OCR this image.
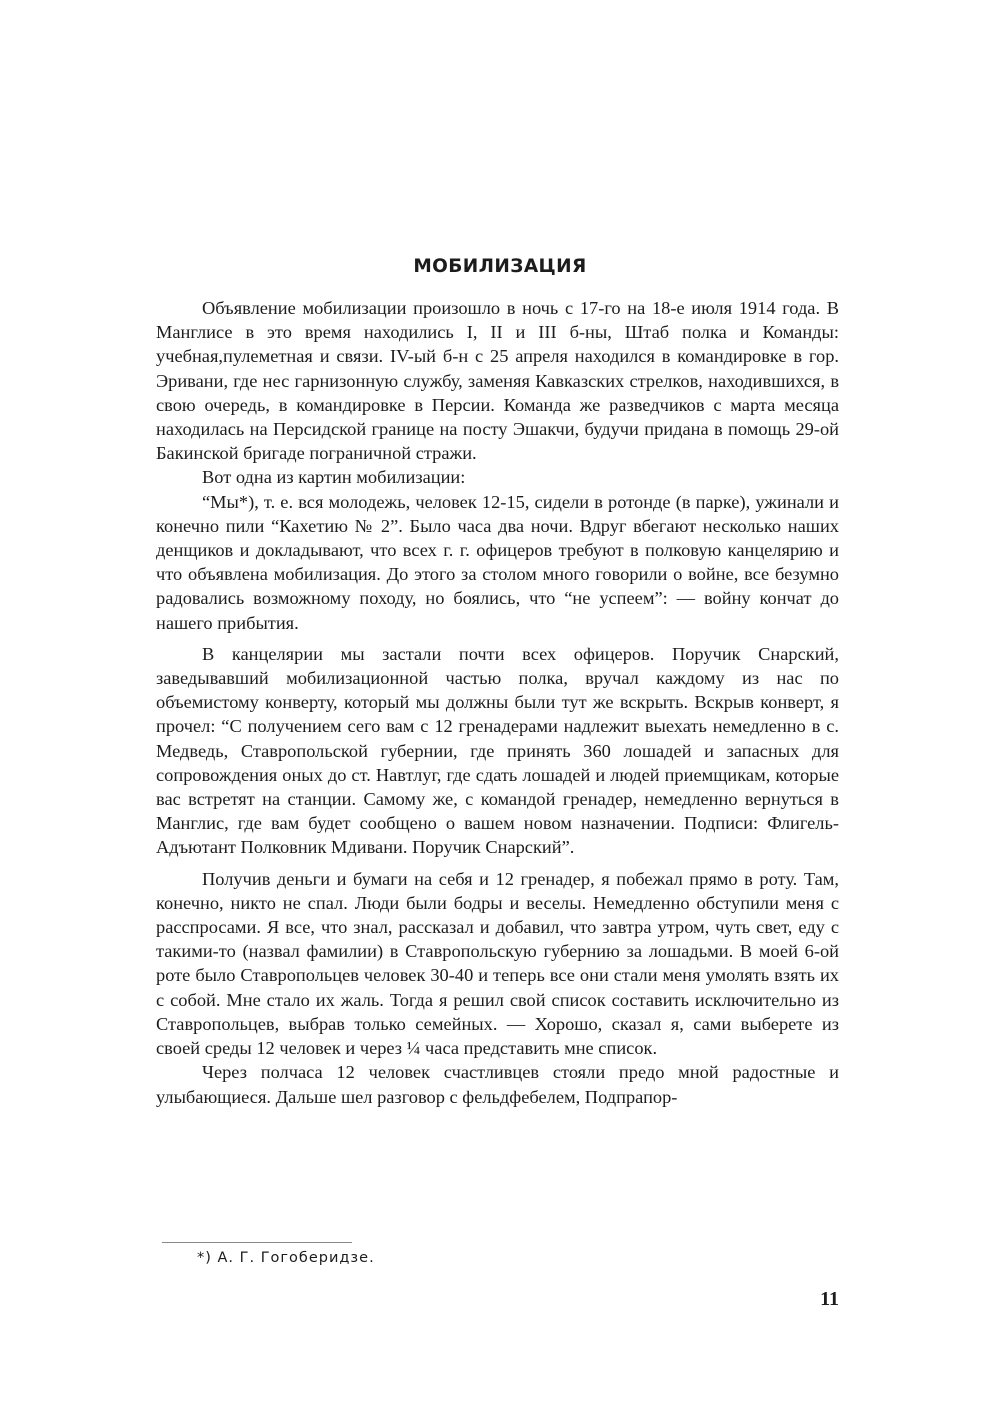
МОБИЛИЗАЦИЯ

Объявление мобилизации произошло в ночь с 17-го на 18-е июля 1914 года. В Манглисе в это время находились I, II и III б-ны, Штаб полка и Команды: учебная,пулеметная и связи. IV-ый б-н с 25 апреля находился в командировке в гор. Эривани, где нес гарнизонную службу, заменяя Кавказских стрелков, находившихся, в свою очередь, в командировке в Персии. Команда же разведчиков с марта месяца находилась на Персидской границе на посту Эшакчи, будучи придана в помощь 29-ой Бакинской бригаде пограничной стражи.

Вот одна из картин мобилизации:

“Мы*), т. е. вся молодежь, человек 12-15, сидели в ротонде (в парке), ужинали и конечно пили “Кахетию № 2”. Было часа два ночи. Вдруг вбегают несколько наших денщиков и докладывают, что всех г. г. офицеров требуют в полковую канцелярию и что объявлена мобилизация. До этого за столом много говорили о войне, все безумно радовались возможному походу, но боялись, что “не успеем”: — войну кончат до нашего прибытия.

В канцелярии мы застали почти всех офицеров. Поручик Снарский, заведывавший мобилизационной частью полка, вручал каждому из нас по объемистому конверту, который мы должны были тут же вскрыть. Вскрыв конверт, я прочел: “С получением сего вам с 12 гренадерами надлежит выехать немедленно в с. Медведь, Ставропольской губернии, где принять 360 лошадей и запасных для сопровождения оных до ст. Навтлуг, где сдать лошадей и людей приемщикам, которые вас встретят на станции. Самому же, с командой гренадер, немедленно вернуться в Манглис, где вам будет сообщено о вашем новом назначении. Подписи: Флигель-Адъютант Полковник Мдивани. Поручик Снарский”.

Получив деньги и бумаги на себя и 12 гренадер, я побежал прямо в роту. Там, конечно, никто не спал. Люди были бодры и веселы. Немедленно обступили меня с расспросами. Я все, что знал, рассказал и добавил, что завтра утром, чуть свет, еду с такими-то (назвал фамилии) в Ставропольскую губернию за лошадьми. В моей 6-ой роте было Ставропольцев человек 30-40 и теперь все они стали меня умолять взять их с собой. Мне стало их жаль. Тогда я решил свой список составить исключительно из Ставропольцев, выбрав только семейных. — Хорошо, сказал я, сами выберете из своей среды 12 человек и через ¼ часа представить мне список.

Через полчаса 12 человек счастливцев стояли предо мной радостные и улыбающиеся. Дальше шел разговор с фельдфебелем, Подпрапор-

*) А. Г. Гогоберидзе.

11
